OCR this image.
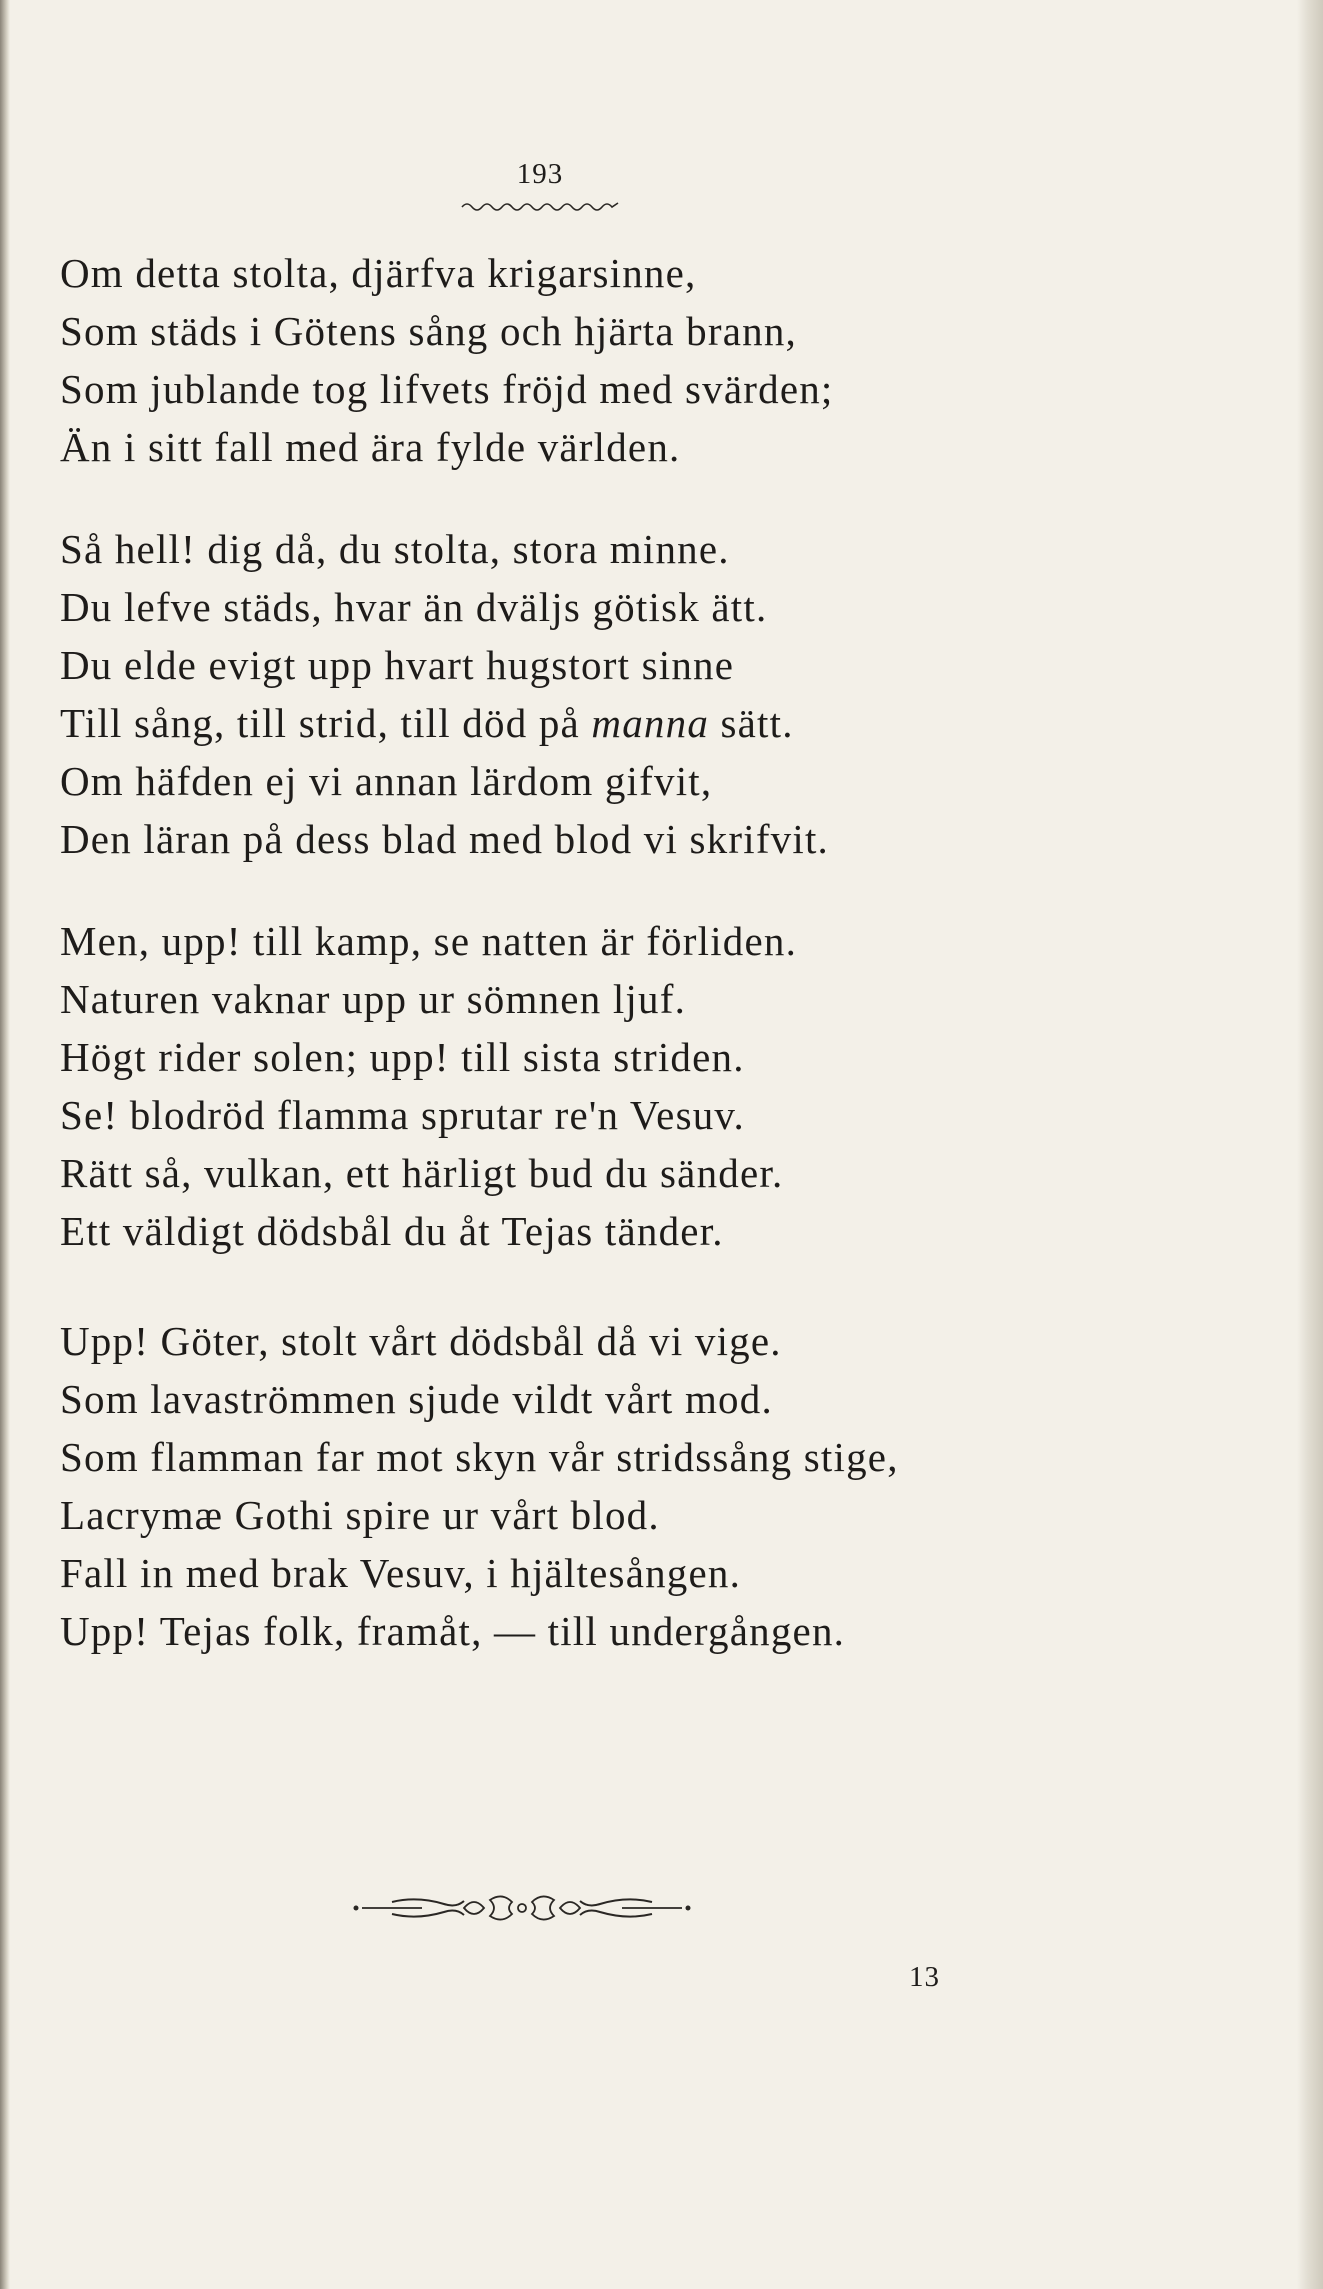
193
Om detta stolta, djärfva krigarsinne,
Som städs i Götens sång och hjärta brann,
Som jublande tog lifvets fröjd med svärden;
Än i sitt fall med ära fylde världen.
Så hell! dig då, du stolta, stora minne.
Du lefve städs, hvar än dväljs götisk ätt.
Du elde evigt upp hvart hugstort sinne
Till sång, till strid, till död på manna sätt.
Om häfden ej vi annan lärdom gifvit,
Den läran på dess blad med blod vi skrifvit.
Men, upp! till kamp, se natten är förliden.
Naturen vaknar upp ur sömnen ljuf.
Högt rider solen; upp! till sista striden.
Se! blodröd flamma sprutar re'n Vesuv.
Rätt så, vulkan, ett härligt bud du sänder.
Ett väldigt dödsbål du åt Tejas tänder.
Upp! Göter, stolt vårt dödsbål då vi vige.
Som lavaströmmen sjude vildt vårt mod.
Som flamman far mot skyn vår stridssång stige,
Lacrymæ Gothi spire ur vårt blod.
Fall in med brak Vesuv, i hjältesången.
Upp! Tejas folk, framåt, — till undergången.
13
